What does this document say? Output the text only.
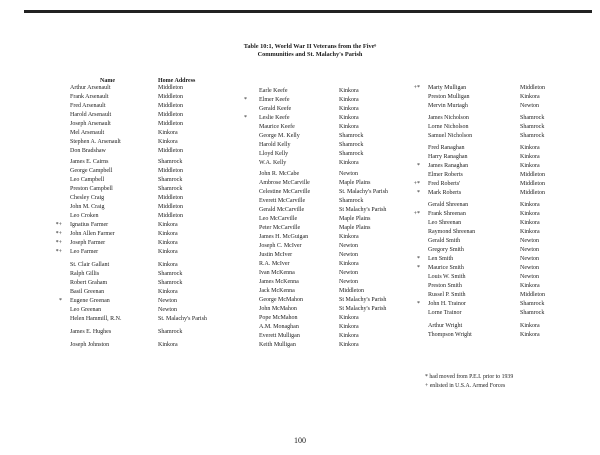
Table 10:1, World War II Veterans from the Five⁶
Communities and St. Malachy's Parish
Name	Home Address
Arthur Arsenault	Middleton
Frank Arsenault	Middleton
Fred Arsenault	Middleton
Harold Arsenault	Middleton
Joseph Arsenault	Middleton
Mel Arsenault	Kinkora
Stephen A. Arsenault	Kinkora
Don Bradshaw	Middleton
James E. Cairns	Shamrock
George Campbell	Middleton
Leo Campbell	Shamrock
Preston Campbell	Shamrock
Chesley Craig	Middleton
John M. Craig	Middleton
Leo Croken	Middleton
*+ Ignatius Farmer	Kinkora
*+ John Allen Farmer	Kinkora
*+ Joseph Farmer	Kinkora
*+ Leo Farmer	Kinkora
St. Clair Gallant	Kinkora
Ralph Gillis	Shamrock
Robert Graham	Shamrock
Basil Greenan	Kinkora
* Eugene Greenan	Newton
Leo Greenan	Newton
Helen Hammill, R.N.	St. Malachy's Parish
James E. Hughes	Shamrock
Joseph Johnston	Kinkora
Earle Keefe	Kinkora
* Elmer Keefe	Kinkora
Gerald Keefe	Kinkora
* Leslie Keefe	Kinkora
Maurice Keefe	Kinkora
George M. Kelly	Shamrock
Harold Kelly	Shamrock
Lloyd Kelly	Shamrock
W.A. Kelly	Kinkora
John R. McCabe	Newton
Ambrose McCarville	Maple Plains
Celestine McCarville	St. Malachy's Parish
Everett McCarville	Shamrock
Gerald McCarville	St Malachy's Parish
Leo McCarville	Maple Plains
Peter McCarville	Maple Plains
James H. McGuigan	Kinkora
Joseph C. McIver	Newton
Justin McIver	Newton
R.A. McIver	Kinkora
Ivan McKenna	Newton
James McKenna	Newton
Jack McKenna	Middleton
George McMahon	St Malachy's Parish
John McMahon	St Malachy's Parish
Pope McMahon	Kinkora
A.M. Monaghan	Kinkora
Everett Mulligan	Kinkora
Keith Mulligan	Kinkora
+* Marty Mulligan	Middleton
Preston Mulligan	Kinkora
Mervin Murtagh	Newton
James Nicholson	Shamrock
Lorne Nicholson	Shamrock
Samuel Nicholson	Shamrock
Fred Ranaghan	Kinkora
Harry Ranaghan	Kinkora
* James Ranaghan	Kinkora
Elmer Roberts	Middleton
+* Fred Roberts'	Middleton
* Mark Roberts	Middleton
Gerald Shreenan	Kinkora
+* Frank Shreenan	Kinkora
Leo Shreenan	Kinkora
Raymond Shreenan	Kinkora
Gerald Smith	Newton
Gregory Smith	Newton
* Len Smith	Newton
* Maurice Smith	Newton
Louis W. Smith	Newton
Preston Smith	Kinkora
Russel P. Smith	Middleton
* John H. Trainor	Shamrock
Lorne Trainor	Shamrock
Arthur Wright	Kinkora
Thompson Wright	Kinkora
* had moved from P.E.I. prior to 1939
+ enlisted in U.S.A. Armed Forces
100
